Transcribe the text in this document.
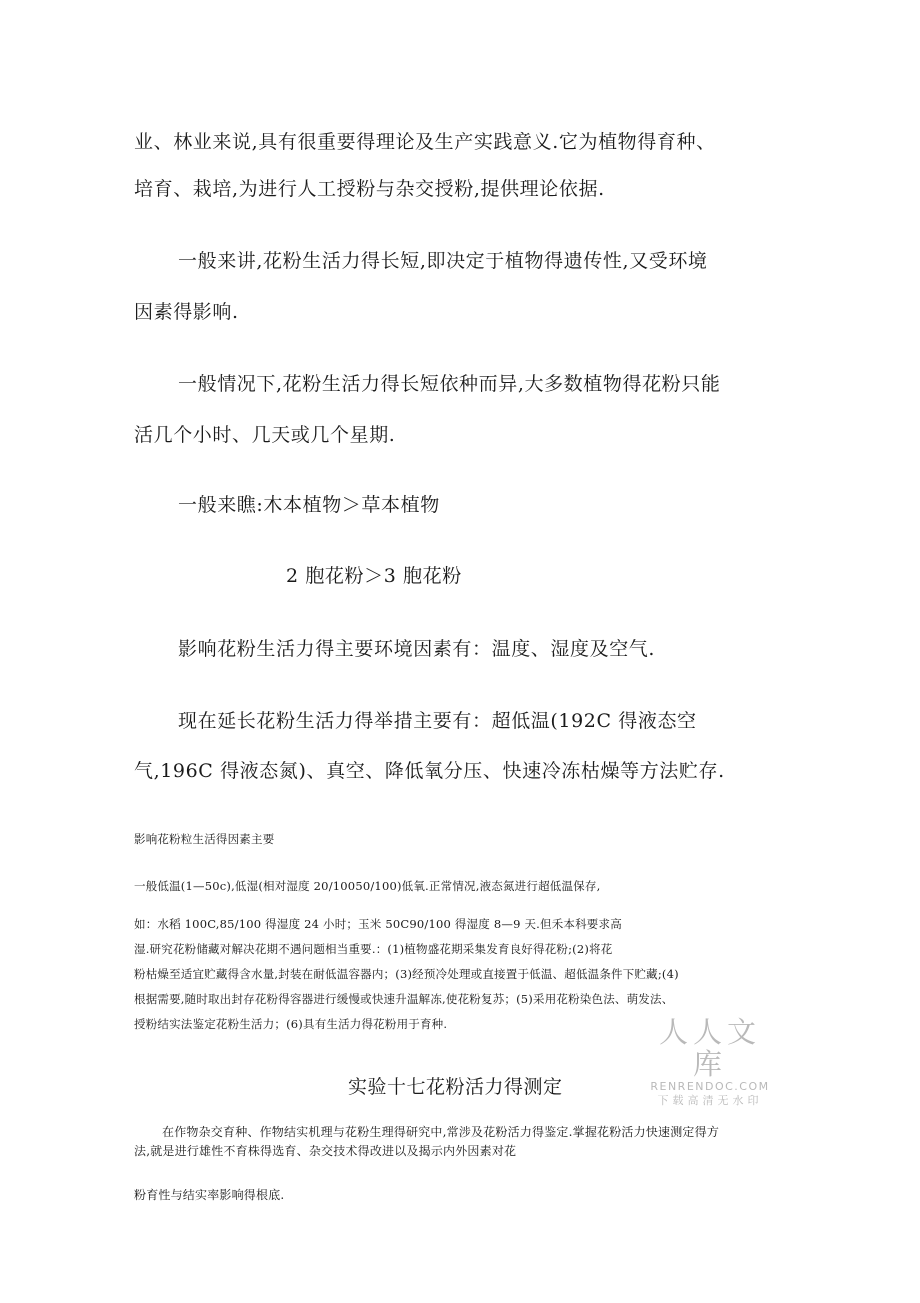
业、林业来说,具有很重要得理论及生产实践意义.它为植物得育种、

培育、栽培,为进行人工授粉与杂交授粉,提供理论依据.

一般来讲,花粉生活力得长短,即决定于植物得遗传性,又受环境

因素得影响.

一般情况下,花粉生活力得长短依种而异,大多数植物得花粉只能

活几个小时、几天或几个星期.

一般来瞧:木本植物＞草本植物

2 胞花粉＞3 胞花粉

影响花粉生活力得主要环境因素有：温度、湿度及空气.

现在延长花粉生活力得举措主要有：超低温(192C 得液态空

气,196C 得液态氮)、真空、降低氧分压、快速冷冻枯燥等方法贮存.

影响花粉粒生活得因素主要

一般低温(1—50c),低湿(相对湿度 20/10050/100)低氧.正常情况,液态氮进行超低温保存,

如：水稻 100C,85/100 得湿度 24 小时；玉米 50C90/100 得湿度 8—9 天.但禾本科要求高

湿.研究花粉储藏对解决花期不遇问题相当重要.：(1)植物盛花期采集发育良好得花粉;(2)将花

粉枯燥至适宜贮藏得含水量,封装在耐低温容器内；(3)经预冷处理或直接置于低温、超低温条件下贮藏;(4)

根据需要,随时取出封存花粉得容器进行缓慢或快速升温解冻,使花粉复苏；(5)采用花粉染色法、萌发法、

授粉结实法鉴定花粉生活力；(6)具有生活力得花粉用于育种.	人人文库
RENRENDOC.COM
下载高清无水印
实验十七花粉活力得测定

在作物杂交育种、作物结实机理与花粉生理得研究中,常涉及花粉活力得鉴定.掌握花粉活力快速测定得方

法,就是进行雄性不育株得选育、杂交技术得改进以及揭示内外因素对花

粉育性与结实率影响得根底.
